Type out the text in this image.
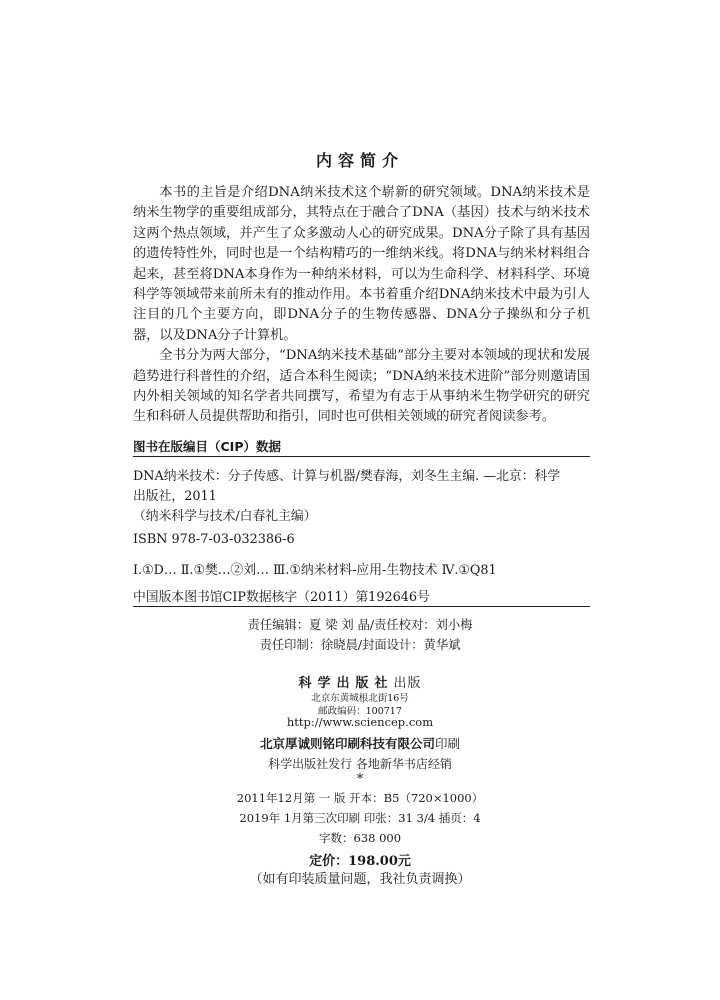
内容简介

本书的主旨是介绍DNA纳米技术这个崭新的研究领域。DNA纳米技术是纳米生物学的重要组成部分，其特点在于融合了DNA（基因）技术与纳米技术这两个热点领域，并产生了众多激动人心的研究成果。DNA分子除了具有基因的遗传特性外，同时也是一个结构精巧的一维纳米线。将DNA与纳米材料组合起来，甚至将DNA本身作为一种纳米材料，可以为生命科学、材料科学、环境科学等领域带来前所未有的推动作用。本书着重介绍DNA纳米技术中最为引人注目的几个主要方向，即DNA分子的生物传感器、DNA分子操纵和分子机器，以及DNA分子计算机。

全书分为两大部分，“DNA纳米技术基础”部分主要对本领域的现状和发展趋势进行科普性的介绍，适合本科生阅读；“DNA纳米技术进阶”部分则邀请国内外相关领域的知名学者共同撰写，希望为有志于从事纳米生物学研究的研究生和科研人员提供帮助和指引，同时也可供相关领域的研究者阅读参考。

图书在版编目（CIP）数据
DNA纳米技术：分子传感、计算与机器/樊春海，刘冬生主编. —北京：科学
出版社，2011
（纳米科学与技术/白春礼主编）
ISBN 978-7-03-032386-6
Ⅰ.①D… Ⅱ.①樊…②刘… Ⅲ.①纳米材料-应用-生物技术 Ⅳ.①Q81
中国版本图书馆CIP数据核字（2011）第192646号
责任编辑：夏 梁 刘 晶/责任校对：刘小梅
责任印制：徐晓晨/封面设计：黄华斌
科学出版社出版
北京东黄城根北街16号
邮政编码：100717
http://www.sciencep.com
北京厚诚则铭印刷科技有限公司印刷
科学出版社发行 各地新华书店经销
*
2011年12月第 一 版 开本：B5（720×1000）
2019年 1月第三次印刷 印张：31 3/4 插页：4
字数：638 000
定价：198.00元
（如有印装质量问题，我社负责调换）
